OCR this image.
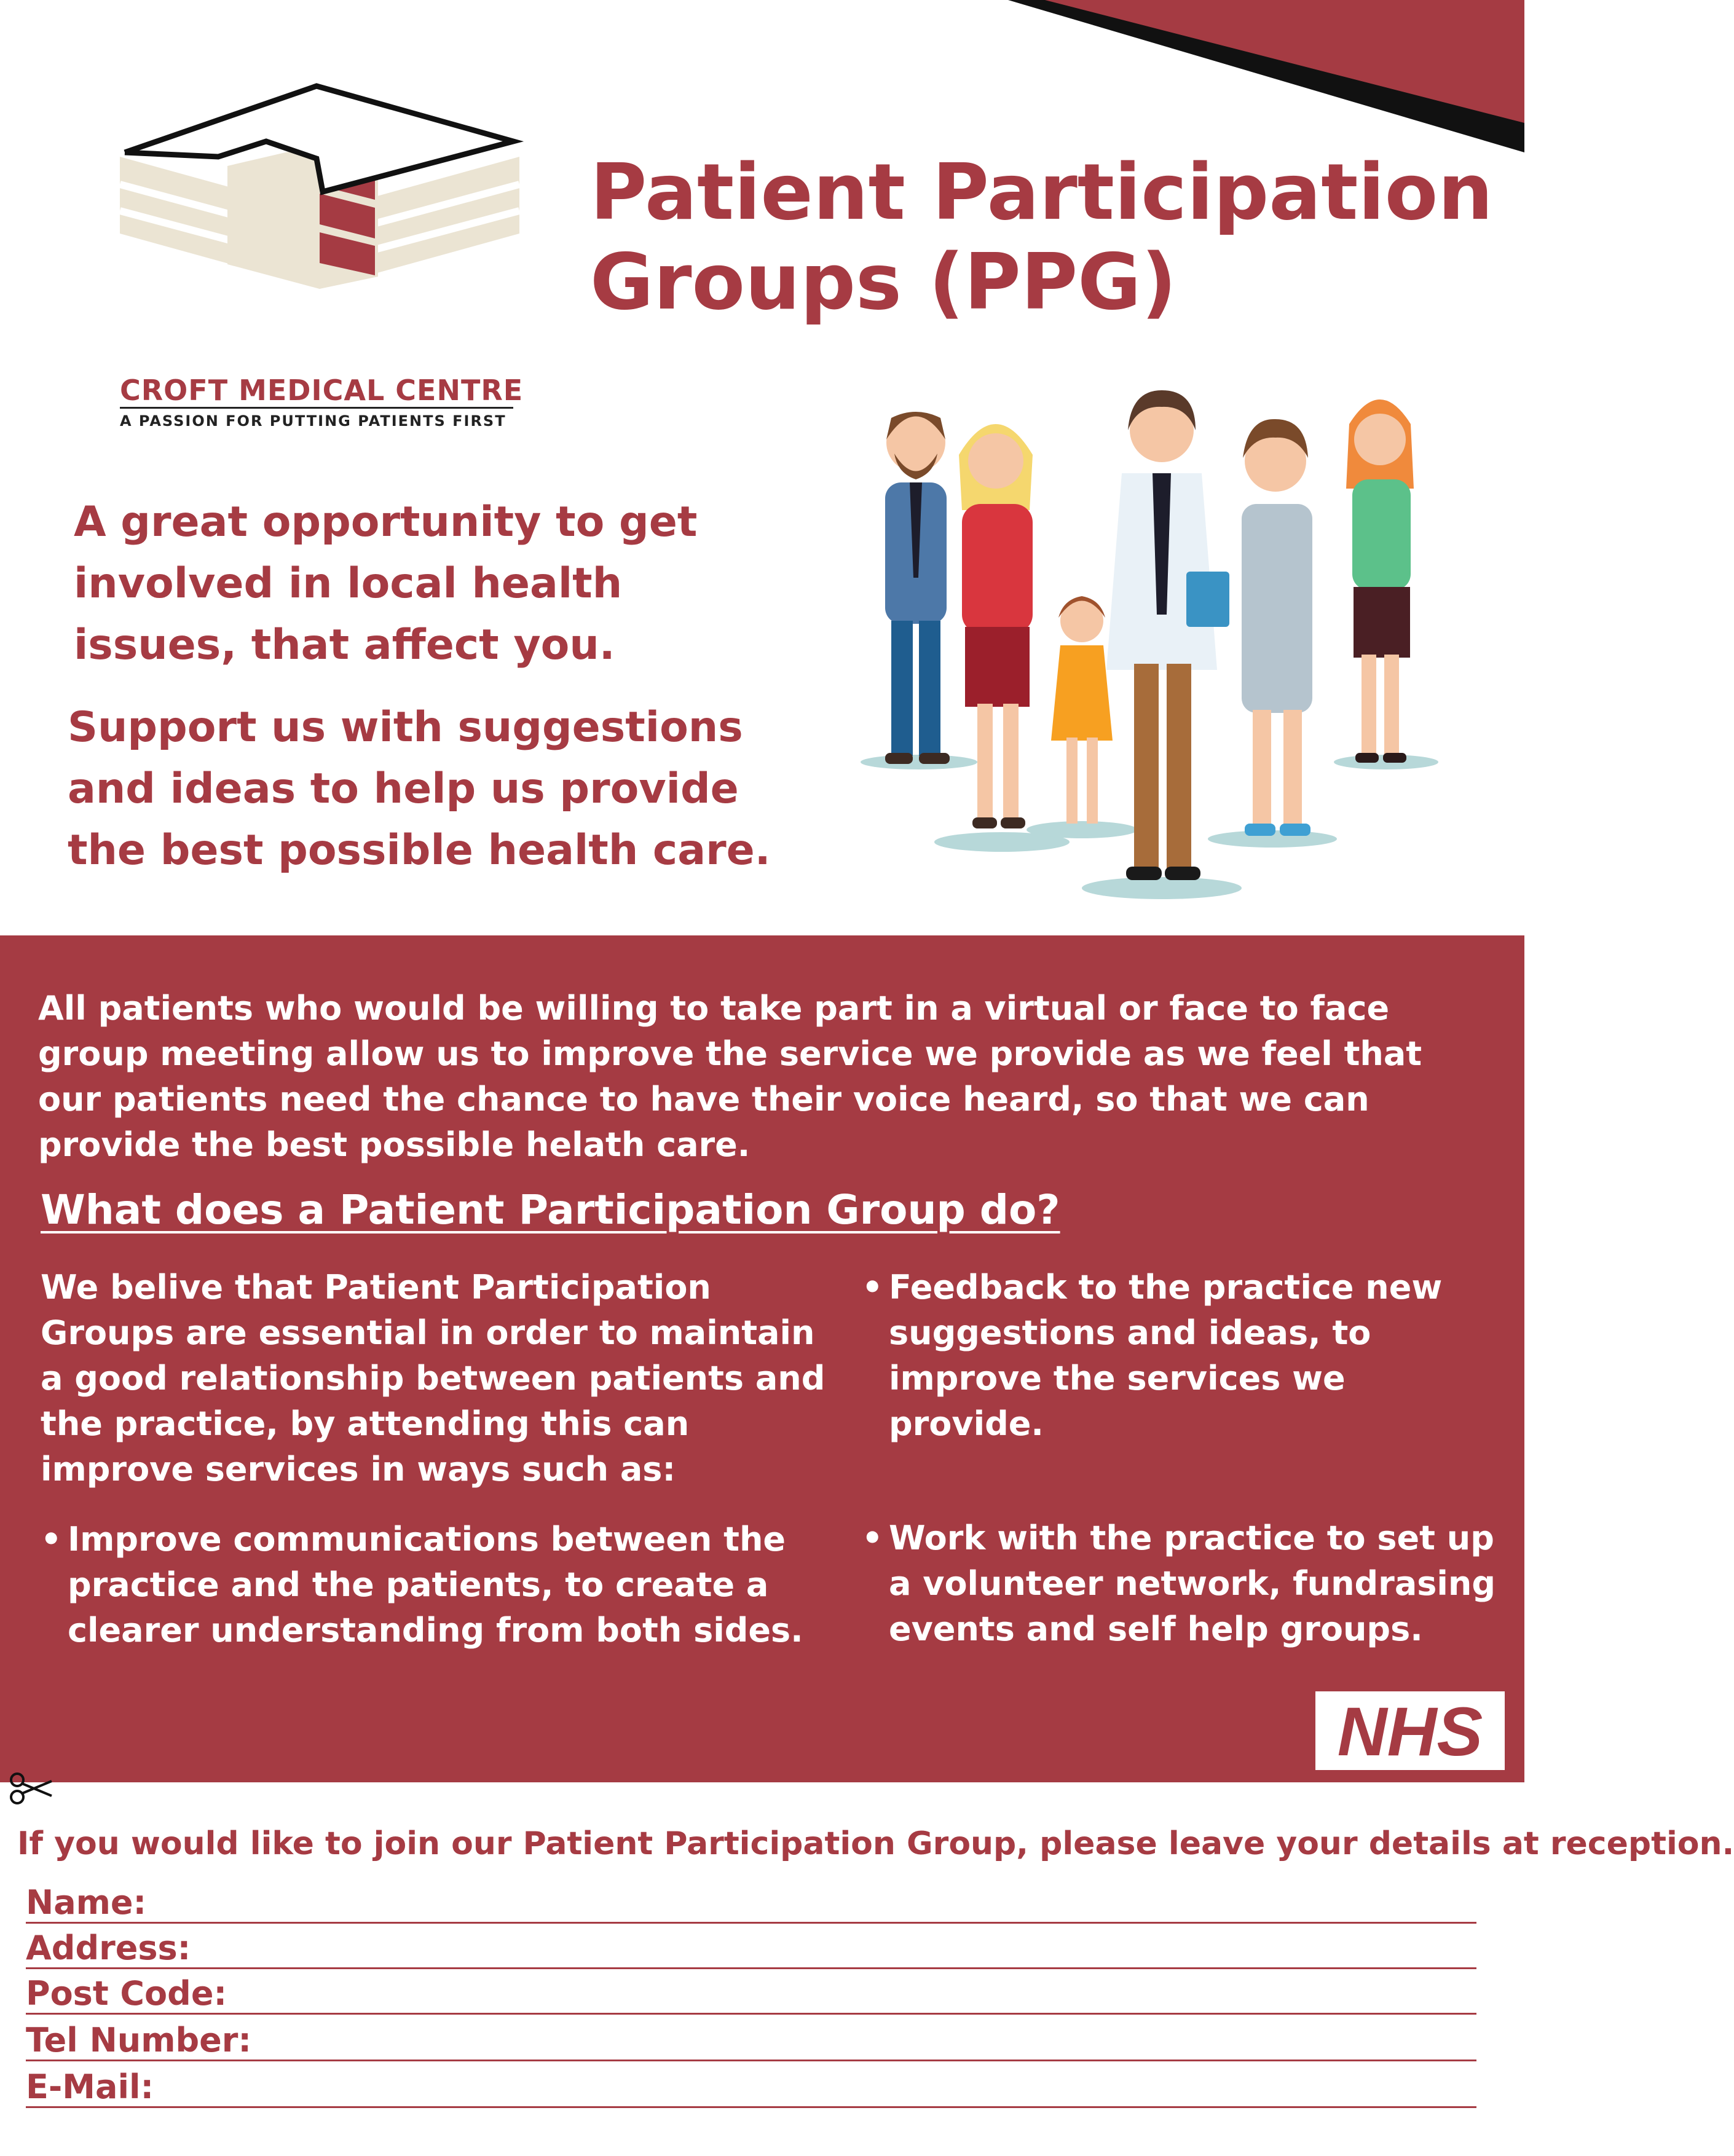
CROFT MEDICAL CENTRE
A PASSION FOR PUTTING PATIENTS FIRST
Patient Participation
Groups (PPG)
A great opportunity to get involved in local health issues, that affect you.
Support us with suggestions and ideas to help us provide the best possible health care.
All patients who would be willing to take part in a virtual or face to face group meeting allow us to improve the service we provide as we feel that our patients need the chance to have their voice heard, so that we can provide the best possible helath care.
What does a Patient Participation Group do?
We belive that Patient Participation Groups are essential in order to maintain a good relationship between patients and the practice, by attending this can improve services in ways such as:
• Improve communications between the practice and the patients, to create a clearer understanding from both sides.
• Feedback to the practice new suggestions and ideas, to improve the services we provide.
• Work with the practice to set up a volunteer network, fundrasing events and self help groups.
NHS
If you would like to join our Patient Participation Group, please leave your details at reception.
Name:
Address:
Post Code:
Tel Number:
E-Mail:
